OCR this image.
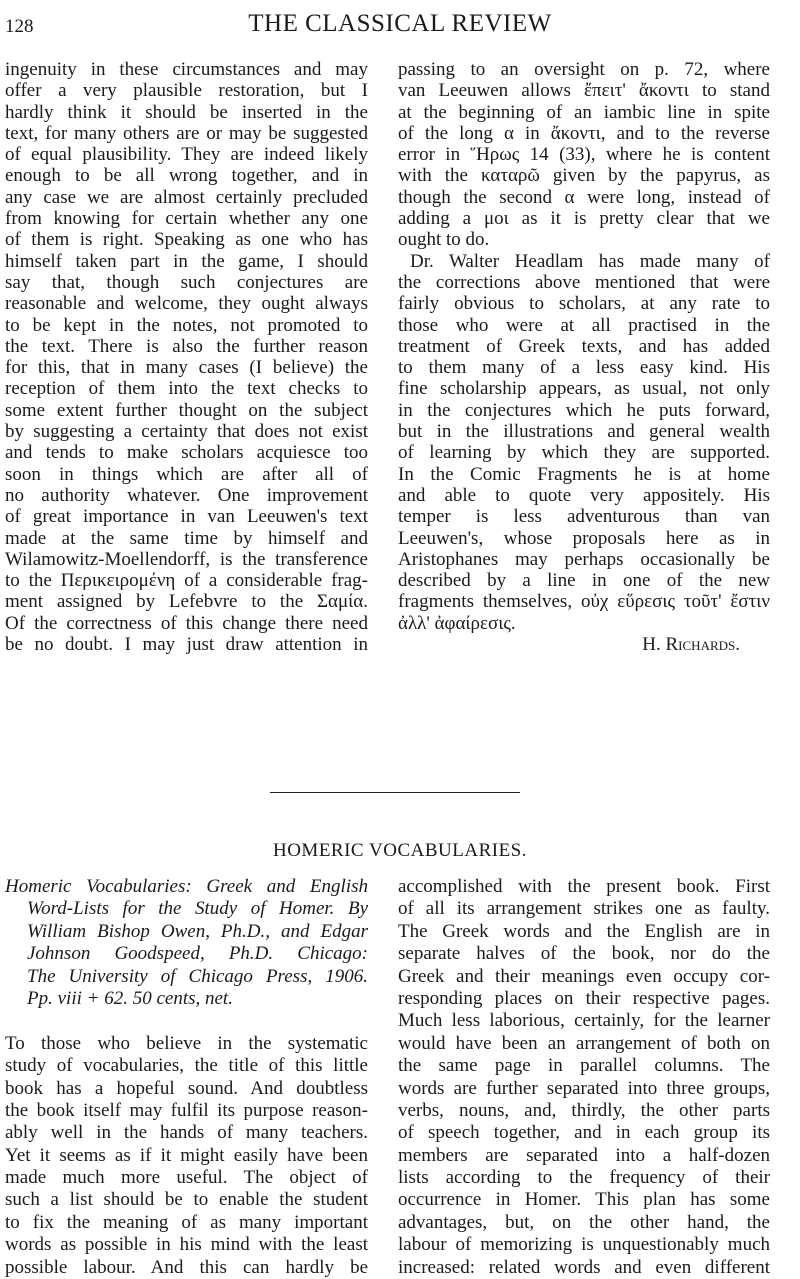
128	THE CLASSICAL REVIEW
ingenuity in these circumstances and may
offer a very plausible restoration, but I
hardly think it should be inserted in the
text, for many others are or may be suggested
of equal plausibility. They are indeed likely
enough to be all wrong together, and in
any case we are almost certainly precluded
from knowing for certain whether any one
of them is right. Speaking as one who has
himself taken part in the game, I should
say that, though such conjectures are
reasonable and welcome, they ought always
to be kept in the notes, not promoted to
the text. There is also the further reason
for this, that in many cases (I believe) the
reception of them into the text checks to
some extent further thought on the subject
by suggesting a certainty that does not exist
and tends to make scholars acquiesce too
soon in things which are after all of
no authority whatever. One improvement
of great importance in van Leeuwen's text
made at the same time by himself and
Wilamowitz-Moellendorff, is the transference
to the Περικειρομένη of a considerable frag-
ment assigned by Lefebvre to the Σαμία.
Of the correctness of this change there need
be no doubt. I may just draw attention in
passing to an oversight on p. 72, where
van Leeuwen allows ἔπειτ' ἄκοντι to stand
at the beginning of an iambic line in spite
of the long α in ἄκοντι, and to the reverse
error in Ἥρως 14 (33), where he is content
with the καταρῶ given by the papyrus, as
though the second α were long, instead of
adding a μοι as it is pretty clear that we
ought to do.
Dr. Walter Headlam has made many of
the corrections above mentioned that were
fairly obvious to scholars, at any rate to
those who were at all practised in the
treatment of Greek texts, and has added
to them many of a less easy kind. His
fine scholarship appears, as usual, not only
in the conjectures which he puts forward,
but in the illustrations and general wealth
of learning by which they are supported.
In the Comic Fragments he is at home
and able to quote very appositely. His
temper is less adventurous than van
Leeuwen's, whose proposals here as in
Aristophanes may perhaps occasionally be
described by a line in one of the new
fragments themselves, οὐχ εὕρεσις τοῦτ' ἔστιν
ἀλλ' ἀφαίρεσις.
H. Richards.
HOMERIC VOCABULARIES.
Homeric Vocabularies: Greek and English
Word-Lists for the Study of Homer. By
William Bishop Owen, Ph.D., and Edgar
Johnson Goodspeed, Ph.D. Chicago:
The University of Chicago Press, 1906.
Pp. viii + 62. 50 cents, net.
To those who believe in the systematic
study of vocabularies, the title of this little
book has a hopeful sound. And doubtless
the book itself may fulfil its purpose reason-
ably well in the hands of many teachers.
Yet it seems as if it might easily have been
made much more useful. The object of
such a list should be to enable the student
to fix the meaning of as many important
words as possible in his mind with the least
possible labour. And this can hardly be
accomplished with the present book. First
of all its arrangement strikes one as faulty.
The Greek words and the English are in
separate halves of the book, nor do the
Greek and their meanings even occupy cor-
responding places on their respective pages.
Much less laborious, certainly, for the learner
would have been an arrangement of both on
the same page in parallel columns. The
words are further separated into three groups,
verbs, nouns, and, thirdly, the other parts
of speech together, and in each group its
members are separated into a half-dozen
lists according to the frequency of their
occurrence in Homer. This plan has some
advantages, but, on the other hand, the
labour of memorizing is unquestionably much
increased: related words and even different
